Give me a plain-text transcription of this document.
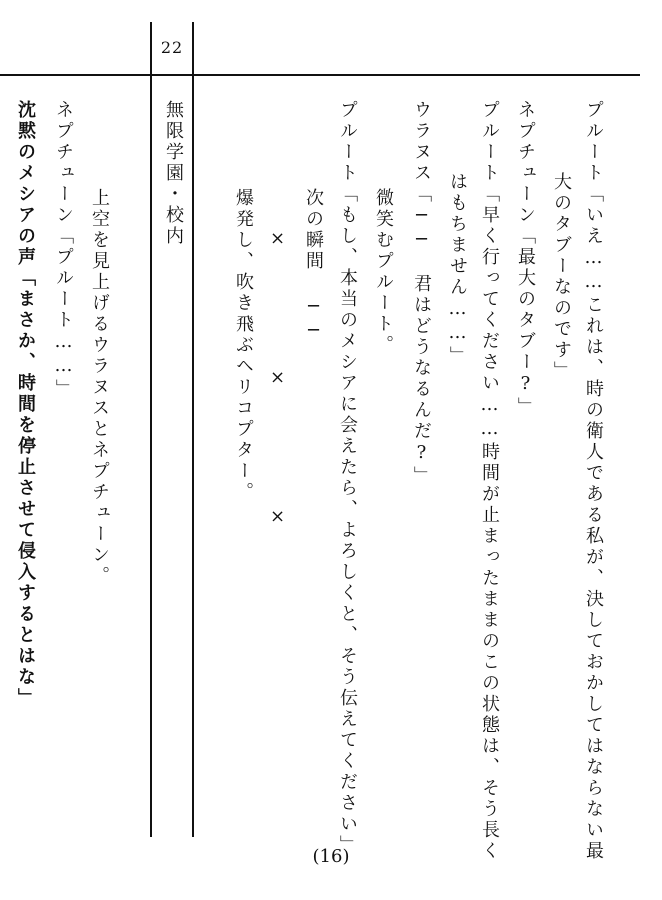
22
プルート「いえ……これは、時の衛人である私が、決しておかしてはならない最
大のタブーなのです」
ネプチューン「最大のタブー?」
プルート「早く行ってください……時間が止まったままのこの状態は、そう長く
はもちません……」
ウラヌス「──　君はどうなるんだ?」
微笑むプルート。
プルート「もし、本当のメシアに会えたら、よろしくと、そう伝えてください」
次の瞬間 ──
×　　　×　　　×
爆発し、吹き飛ぶヘリコプター。
無限学園・校内
上空を見上げるウラヌスとネプチューン。
ネプチューン「プルート……」
沈黙のメシアの声「まさか、時間を停止させて侵入するとはな」
(16)
